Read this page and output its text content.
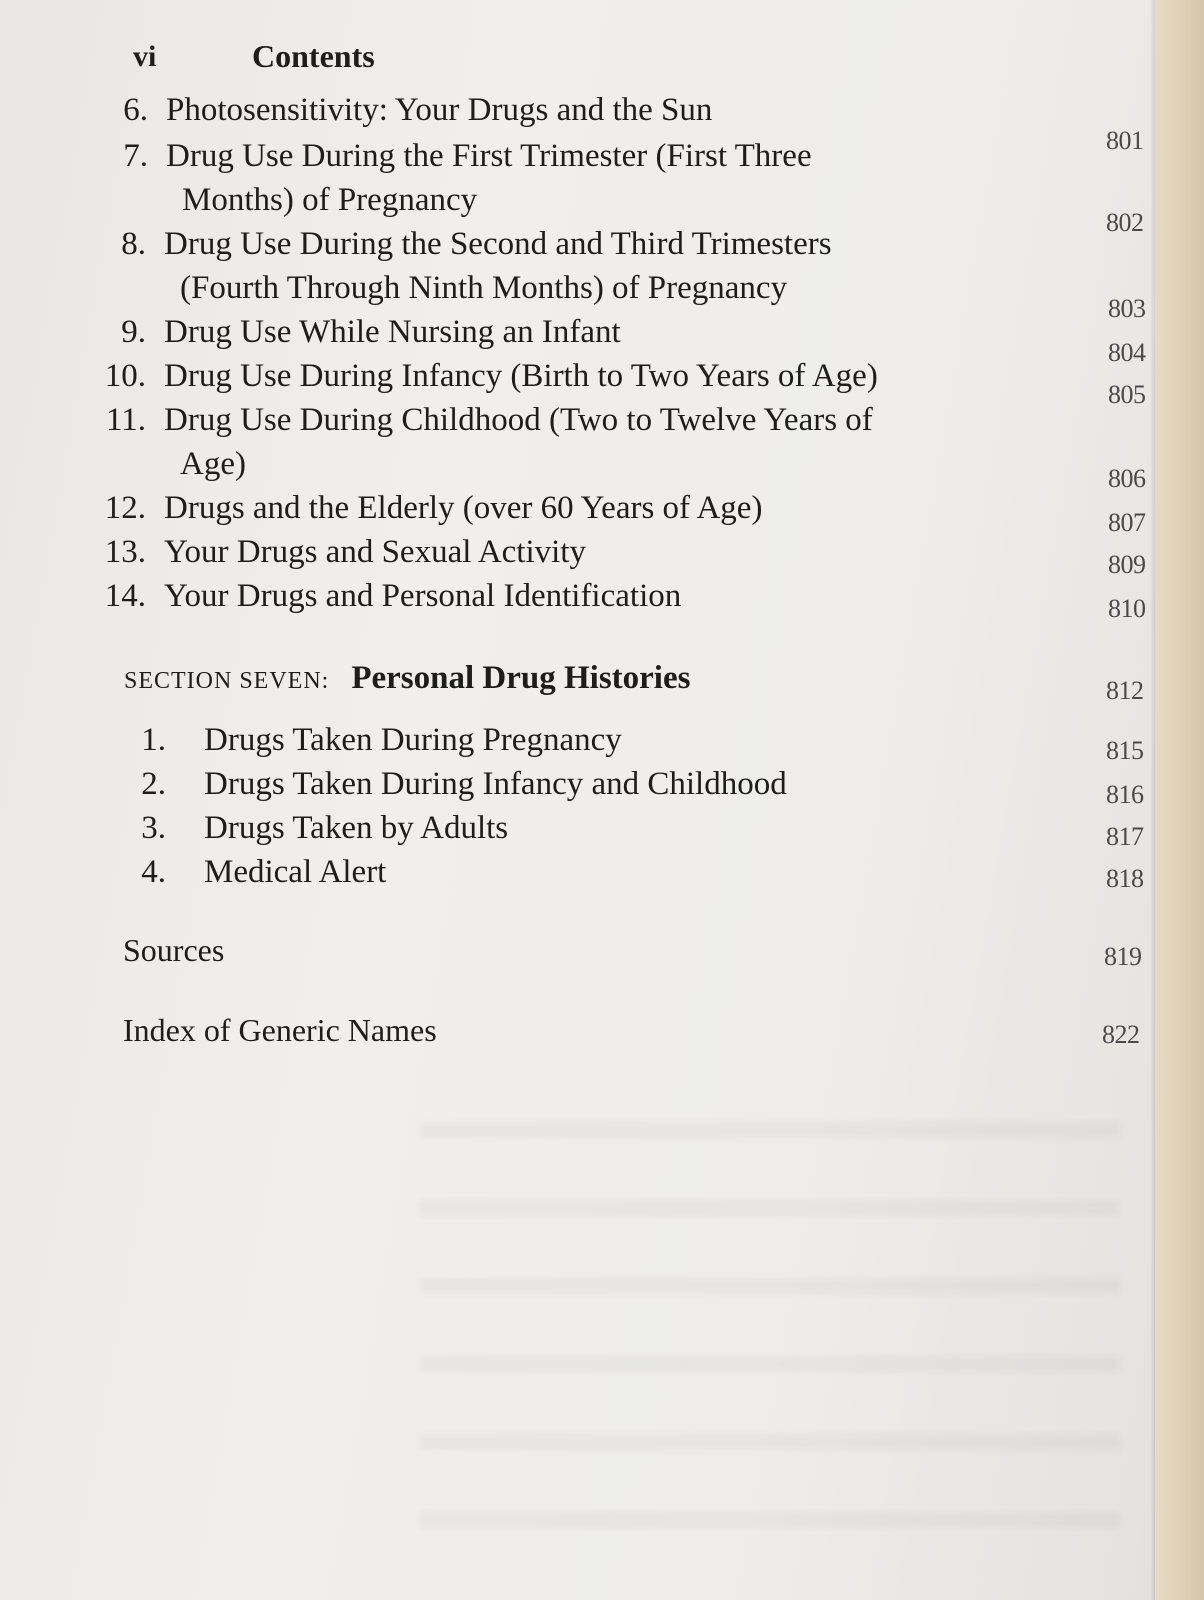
vi	Contents
6. Photosensitivity: Your Drugs and the Sun
801
7. Drug Use During the First Trimester (First Three
Months) of Pregnancy
802
8. Drug Use During the Second and Third Trimesters
(Fourth Through Ninth Months) of Pregnancy
803
9. Drug Use While Nursing an Infant
804
10. Drug Use During Infancy (Birth to Two Years of Age)
805
11. Drug Use During Childhood (Two to Twelve Years of
Age)	806
12. Drugs and the Elderly (over 60 Years of Age)	807
13. Your Drugs and Sexual Activity	809
14. Your Drugs and Personal Identification	810
SECTION SEVEN: Personal Drug Histories	812
1. Drugs Taken During Pregnancy	815
2. Drugs Taken During Infancy and Childhood	816
3. Drugs Taken by Adults	817
4. Medical Alert	818
Sources	819
Index of Generic Names	822
